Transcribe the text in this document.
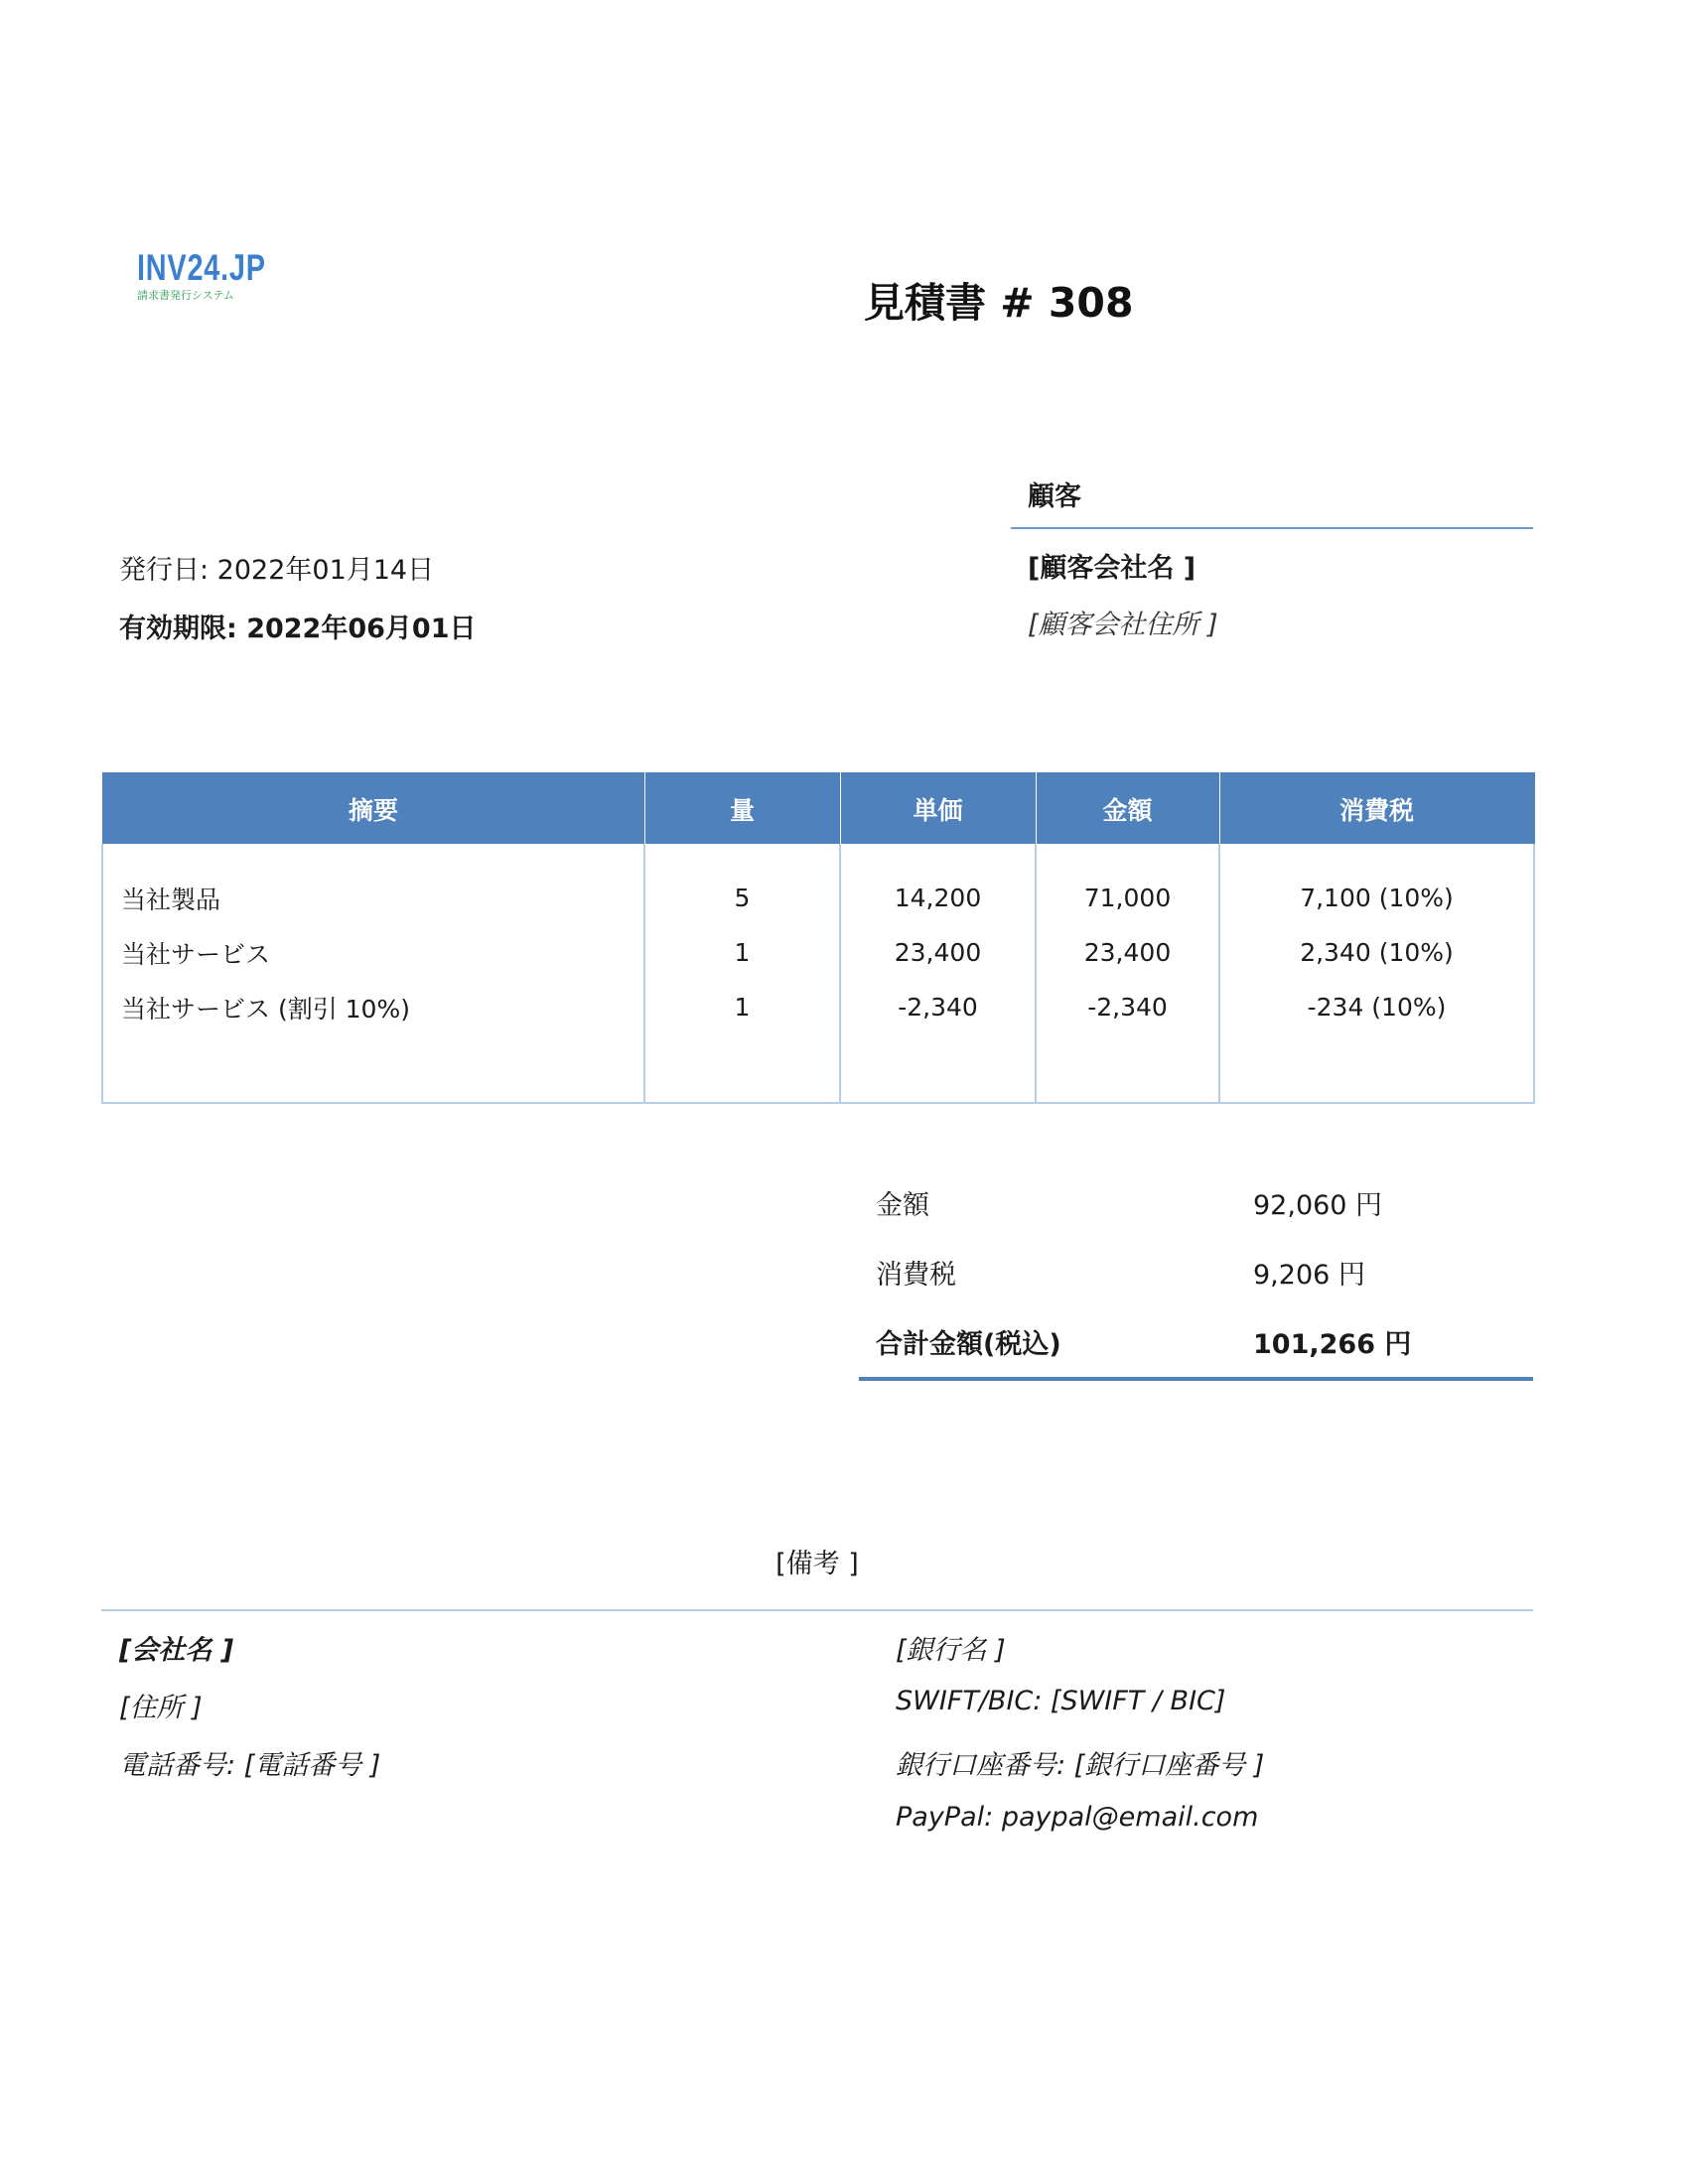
INV24.JP
請求書発行システム	見積書 # 308
顧客
[顧客会社名 ]
[顧客会社住所 ]
発行日: 2022年01月14日
有効期限: 2022年06月01日
摘要	量	単価	金額	消費税
当社製品	5	14,200	71,000	7,100 (10%)
当社サービス	1	23,400	23,400	2,340 (10%)
当社サービス (割引 10%)	1	-2,340	-2,340	-234 (10%)

金額	92,060 円
消費税	9,206 円
合計金額(税込)	101,266 円
[備考 ]
[会社名 ]
[住所 ]
電話番号: [電話番号 ]
[銀行名 ]
SWIFT/BIC: [SWIFT / BIC]
銀行口座番号: [銀行口座番号 ]
PayPal: paypal@email.com
